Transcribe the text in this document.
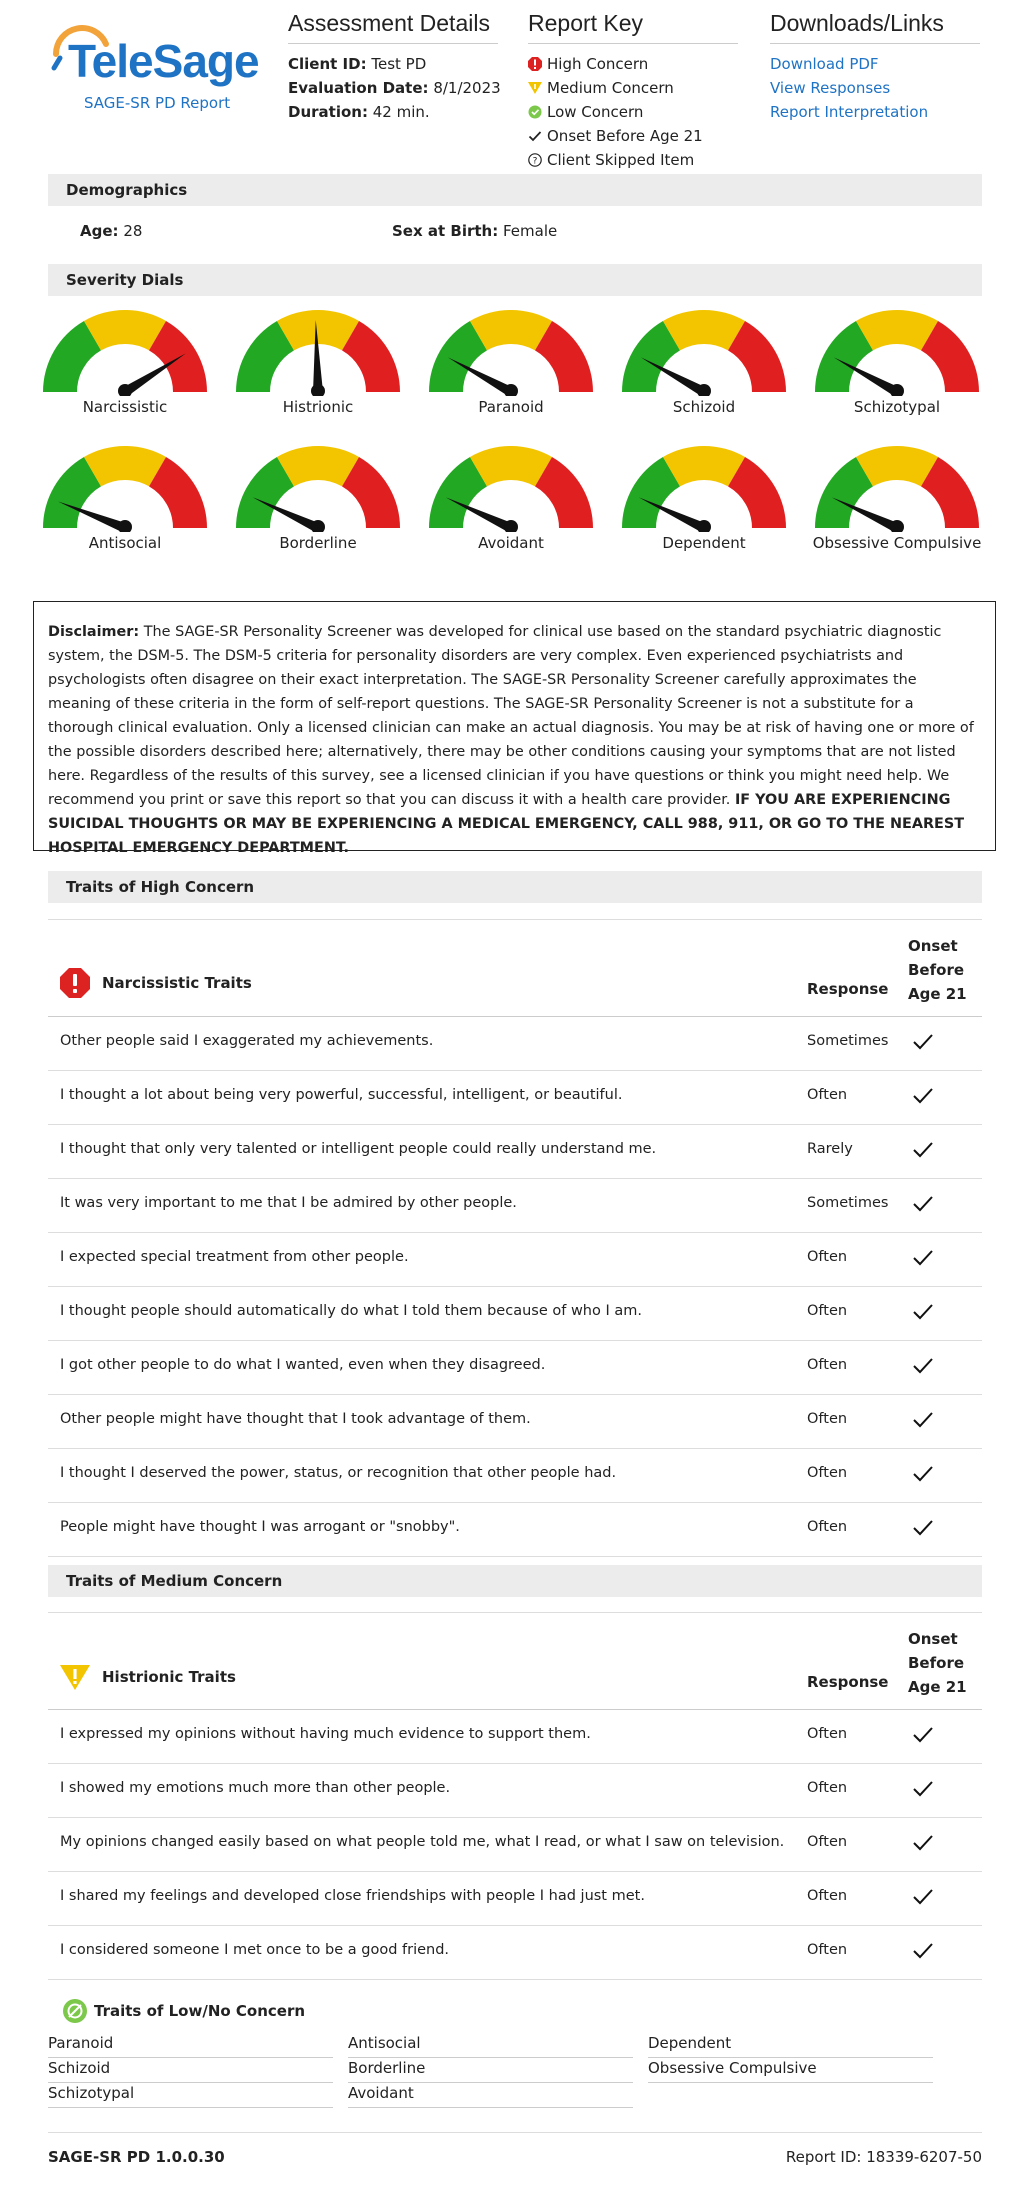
TeleSage
SAGE-SR PD Report
Assessment Details
Client ID: Test PD
Evaluation Date: 8/1/2023
Duration: 42 min.
Report Key
High Concern
Medium Concern
Low Concern
Onset Before Age 21
? Client Skipped Item
Downloads/Links
Download PDF
View Responses
Report Interpretation
Demographics
Age: 28	Sex at Birth: Female
Severity Dials
Narcissistic	Histrionic	Paranoid	Schizoid	Schizotypal
Antisocial	Borderline	Avoidant	Dependent	Obsessive Compulsive
Disclaimer: The SAGE-SR Personality Screener was developed for clinical use based on the standard psychiatric diagnostic system, the DSM-5. The DSM-5 criteria for personality disorders are very complex. Even experienced psychiatrists and psychologists often disagree on their exact interpretation. The SAGE-SR Personality Screener carefully approximates the meaning of these criteria in the form of self-report questions. The SAGE-SR Personality Screener is not a substitute for a thorough clinical evaluation. Only a licensed clinician can make an actual diagnosis. You may be at risk of having one or more of the possible disorders described here; alternatively, there may be other conditions causing your symptoms that are not listed here. Regardless of the results of this survey, see a licensed clinician if you have questions or think you might need help. We recommend you print or save this report so that you can discuss it with a health care provider. IF YOU ARE EXPERIENCING SUICIDAL THOUGHTS OR MAY BE EXPERIENCING A MEDICAL EMERGENCY, CALL 988, 911, OR GO TO THE NEAREST HOSPITAL EMERGENCY DEPARTMENT.
Traits of High Concern
Narcissistic Traits	Response
Onset
Before
Age 21
Other people said I exaggerated my achievements.	Sometimes
I thought a lot about being very powerful, successful, intelligent, or beautiful.	Often
I thought that only very talented or intelligent people could really understand me.	Rarely
It was very important to me that I be admired by other people.	Sometimes
I expected special treatment from other people.	Often
I thought people should automatically do what I told them because of who I am.	Often
I got other people to do what I wanted, even when they disagreed.	Often
Other people might have thought that I took advantage of them.	Often
I thought I deserved the power, status, or recognition that other people had.	Often
People might have thought I was arrogant or "snobby".	Often
Traits of Medium Concern
Histrionic Traits	Response
Onset
Before
Age 21
I expressed my opinions without having much evidence to support them.	Often
I showed my emotions much more than other people.	Often
My opinions changed easily based on what people told me, what I read, or what I saw on television. Often
I shared my feelings and developed close friendships with people I had just met.	Often
I considered someone I met once to be a good friend.	Often
Traits of Low/No Concern
Paranoid
Schizoid
Schizotypal
Antisocial
Borderline
Avoidant
Dependent
Obsessive Compulsive
SAGE-SR PD 1.0.0.30	Report ID: 18339-6207-50
